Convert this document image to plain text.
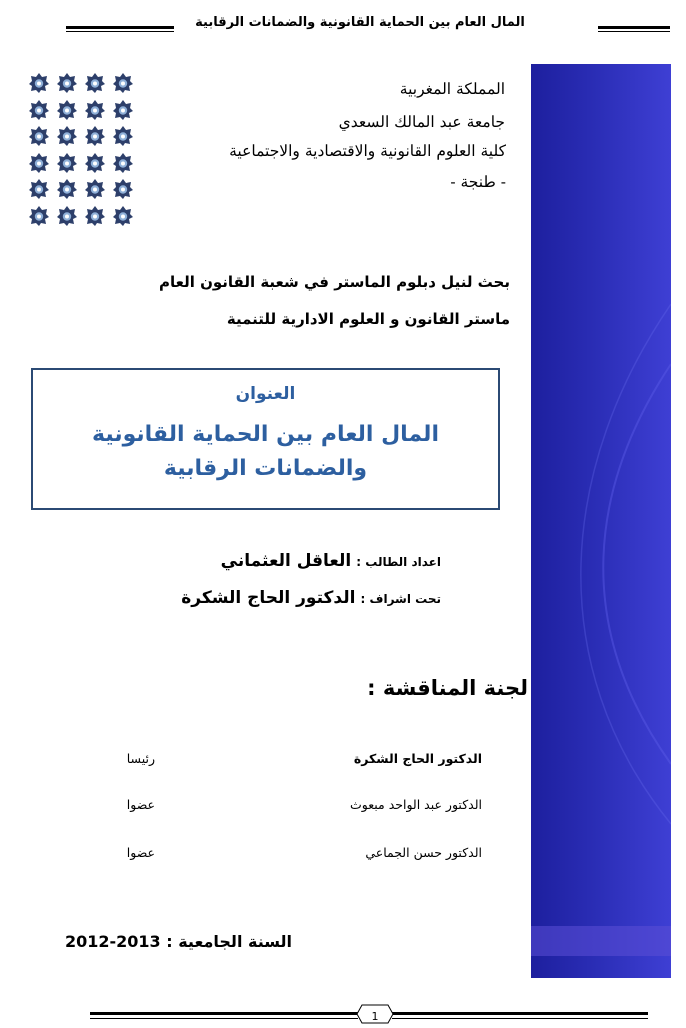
المال العام بين الحماية القانونية والضمانات الرقابية
المملكة المغربية
جامعة عبد المالك السعدي
كلية العلوم القانونية والاقتصادية والاجتماعية
- طنجة -
بحث لنيل دبلوم الماستر في شعبة القانون العام
ماستر القانون و العلوم الادارية للتنمية
العنوان
المال العام بين الحماية القانونية والضمانات الرقابية
اعداد الطالب : العاقل العثماني
تحت اشراف : الدكتور الحاج الشكرة
لجنة المناقشة :
الدكتور الحاج الشكرة
رئيسا
الدكتور عبد الواحد مبعوث
عضوا
الدكتور حسن الجماعي
عضوا
السنة الجامعية : 2012-2013
1
